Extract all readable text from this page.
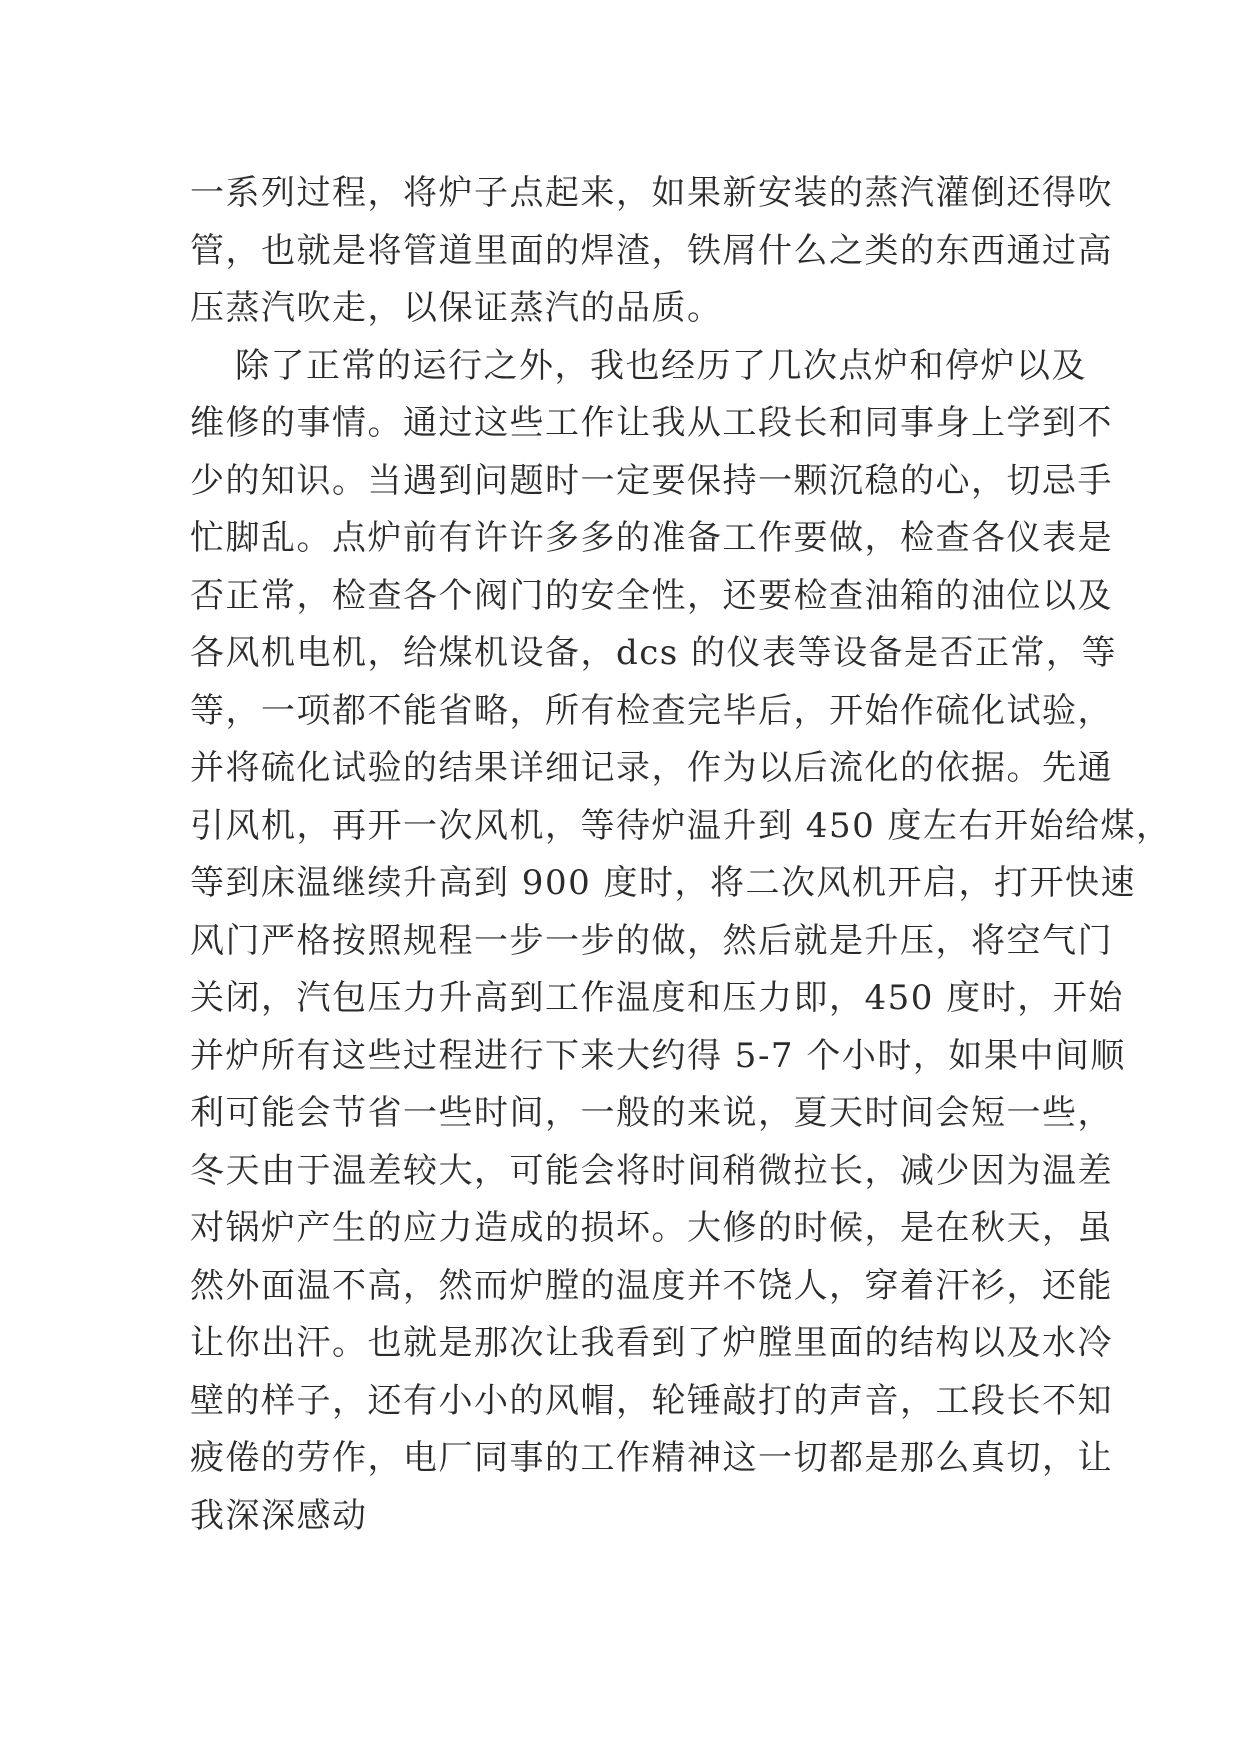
一系列过程，将炉子点起来，如果新安装的蒸汽灌倒还得吹
管，也就是将管道里面的焊渣，铁屑什么之类的东西通过高
压蒸汽吹走，以保证蒸汽的品质。
除了正常的运行之外，我也经历了几次点炉和停炉以及
维修的事情。通过这些工作让我从工段长和同事身上学到不
少的知识。当遇到问题时一定要保持一颗沉稳的心，切忌手
忙脚乱。点炉前有许许多多的准备工作要做，检查各仪表是
否正常，检查各个阀门的安全性，还要检查油箱的油位以及
各风机电机，给煤机设备，dcs 的仪表等设备是否正常，等
等，一项都不能省略，所有检查完毕后，开始作硫化试验，
并将硫化试验的结果详细记录，作为以后流化的依据。先通
引风机，再开一次风机，等待炉温升到 450 度左右开始给煤，
等到床温继续升高到 900 度时，将二次风机开启，打开快速
风门严格按照规程一步一步的做，然后就是升压，将空气门
关闭，汽包压力升高到工作温度和压力即，450 度时，开始
并炉所有这些过程进行下来大约得 5-7 个小时，如果中间顺
利可能会节省一些时间，一般的来说，夏天时间会短一些，
冬天由于温差较大，可能会将时间稍微拉长，减少因为温差
对锅炉产生的应力造成的损坏。大修的时候，是在秋天，虽
然外面温不高，然而炉膛的温度并不饶人，穿着汗衫，还能
让你出汗。也就是那次让我看到了炉膛里面的结构以及水冷
壁的样子，还有小小的风帽，轮锤敲打的声音，工段长不知
疲倦的劳作，电厂同事的工作精神这一切都是那么真切，让
我深深感动
